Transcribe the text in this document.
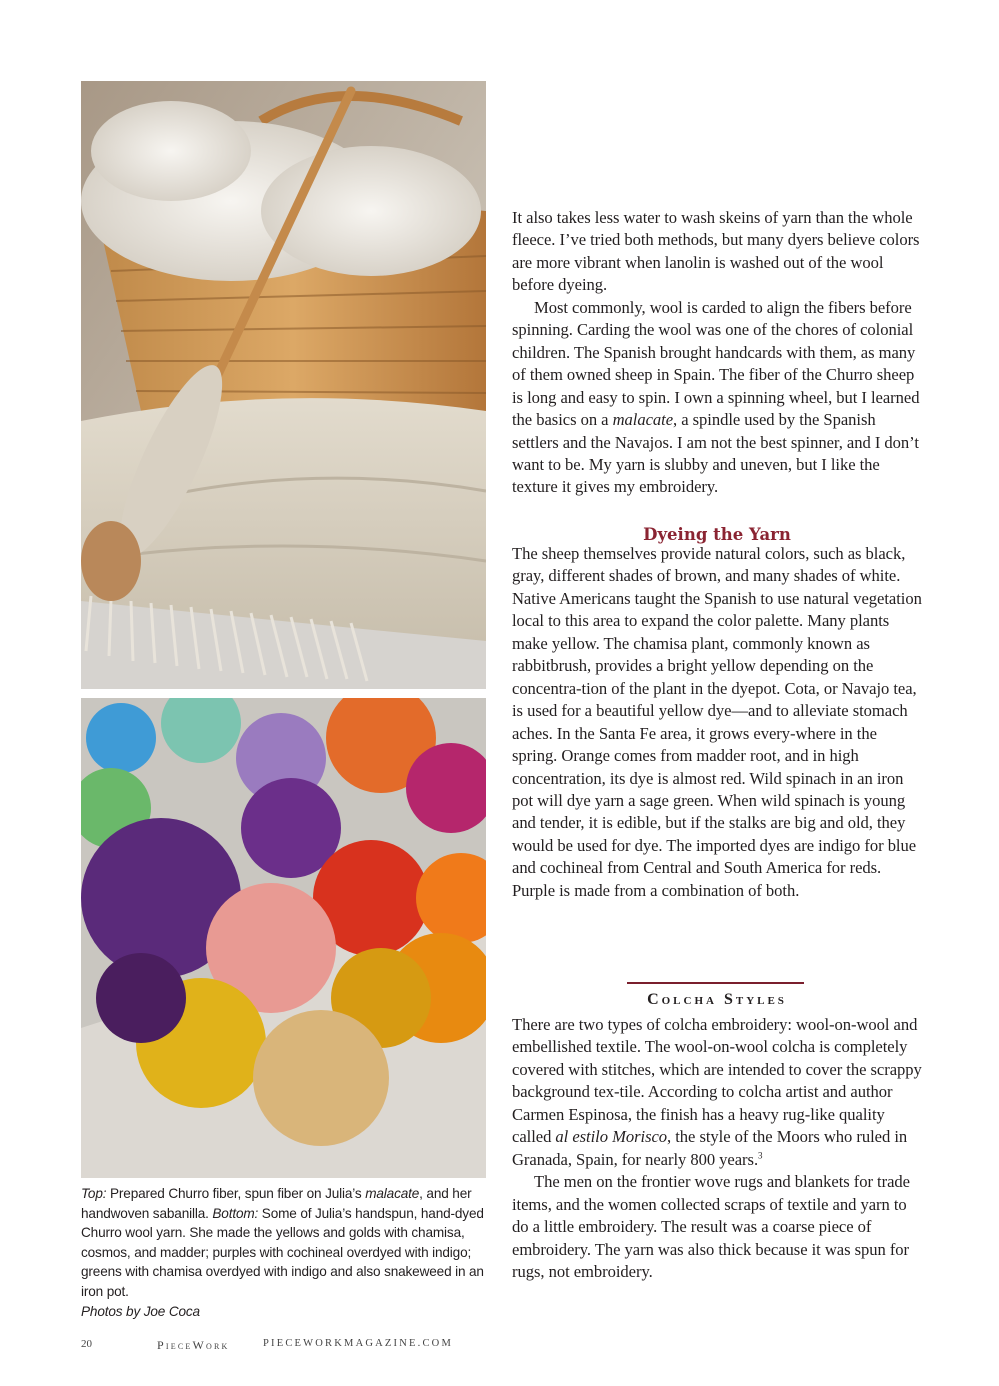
Top: Prepared Churro fiber, spun fiber on Julia’s malacate, and her handwoven sabanilla. Bottom: Some of Julia’s handspun, hand-dyed Churro wool yarn. She made the yellows and golds with chamisa, cosmos, and madder; purples with cochineal overdyed with indigo; greens with chamisa overdyed with indigo and also snakeweed in an iron pot.
Photos by Joe Coca

It also takes less water to wash skeins of yarn than the whole fleece. I’ve tried both methods, but many dyers believe colors are more vibrant when lanolin is washed out of the wool before dyeing.

Most commonly, wool is carded to align the fibers before spinning. Carding the wool was one of the chores of colonial children. The Spanish brought handcards with them, as many of them owned sheep in Spain. The fiber of the Churro sheep is long and easy to spin. I own a spinning wheel, but I learned the basics on a malacate, a spindle used by the Spanish settlers and the Navajos. I am not the best spinner, and I don’t want to be. My yarn is slubby and uneven, but I like the texture it gives my embroidery.

Dyeing the Yarn

The sheep themselves provide natural colors, such as black, gray, different shades of brown, and many shades of white. Native Americans taught the Spanish to use natural vegetation local to this area to expand the color palette. Many plants make yellow. The chamisa plant, commonly known as rabbitbrush, provides a bright yellow depending on the concentra-tion of the plant in the dyepot. Cota, or Navajo tea, is used for a beautiful yellow dye—and to alleviate stomach aches. In the Santa Fe area, it grows every-where in the spring. Orange comes from madder root, and in high concentration, its dye is almost red. Wild spinach in an iron pot will dye yarn a sage green. When wild spinach is young and tender, it is edible, but if the stalks are big and old, they would be used for dye. The imported dyes are indigo for blue and cochineal from Central and South America for reds. Purple is made from a combination of both.

Colcha Styles

There are two types of colcha embroidery: wool-on-wool and embellished textile. The wool-on-wool colcha is completely covered with stitches, which are intended to cover the scrappy background tex-tile. According to colcha artist and author Carmen Espinosa, the finish has a heavy rug-like quality called al estilo Morisco, the style of the Moors who ruled in Granada, Spain, for nearly 800 years.$^3$

The men on the frontier wove rugs and blankets for trade items, and the women collected scraps of textile and yarn to do a little embroidery. The result was a coarse piece of embroidery. The yarn was also thick because it was spun for rugs, not embroidery.

20	PieceWork	PIECEWORKMAGAZINE.COM
